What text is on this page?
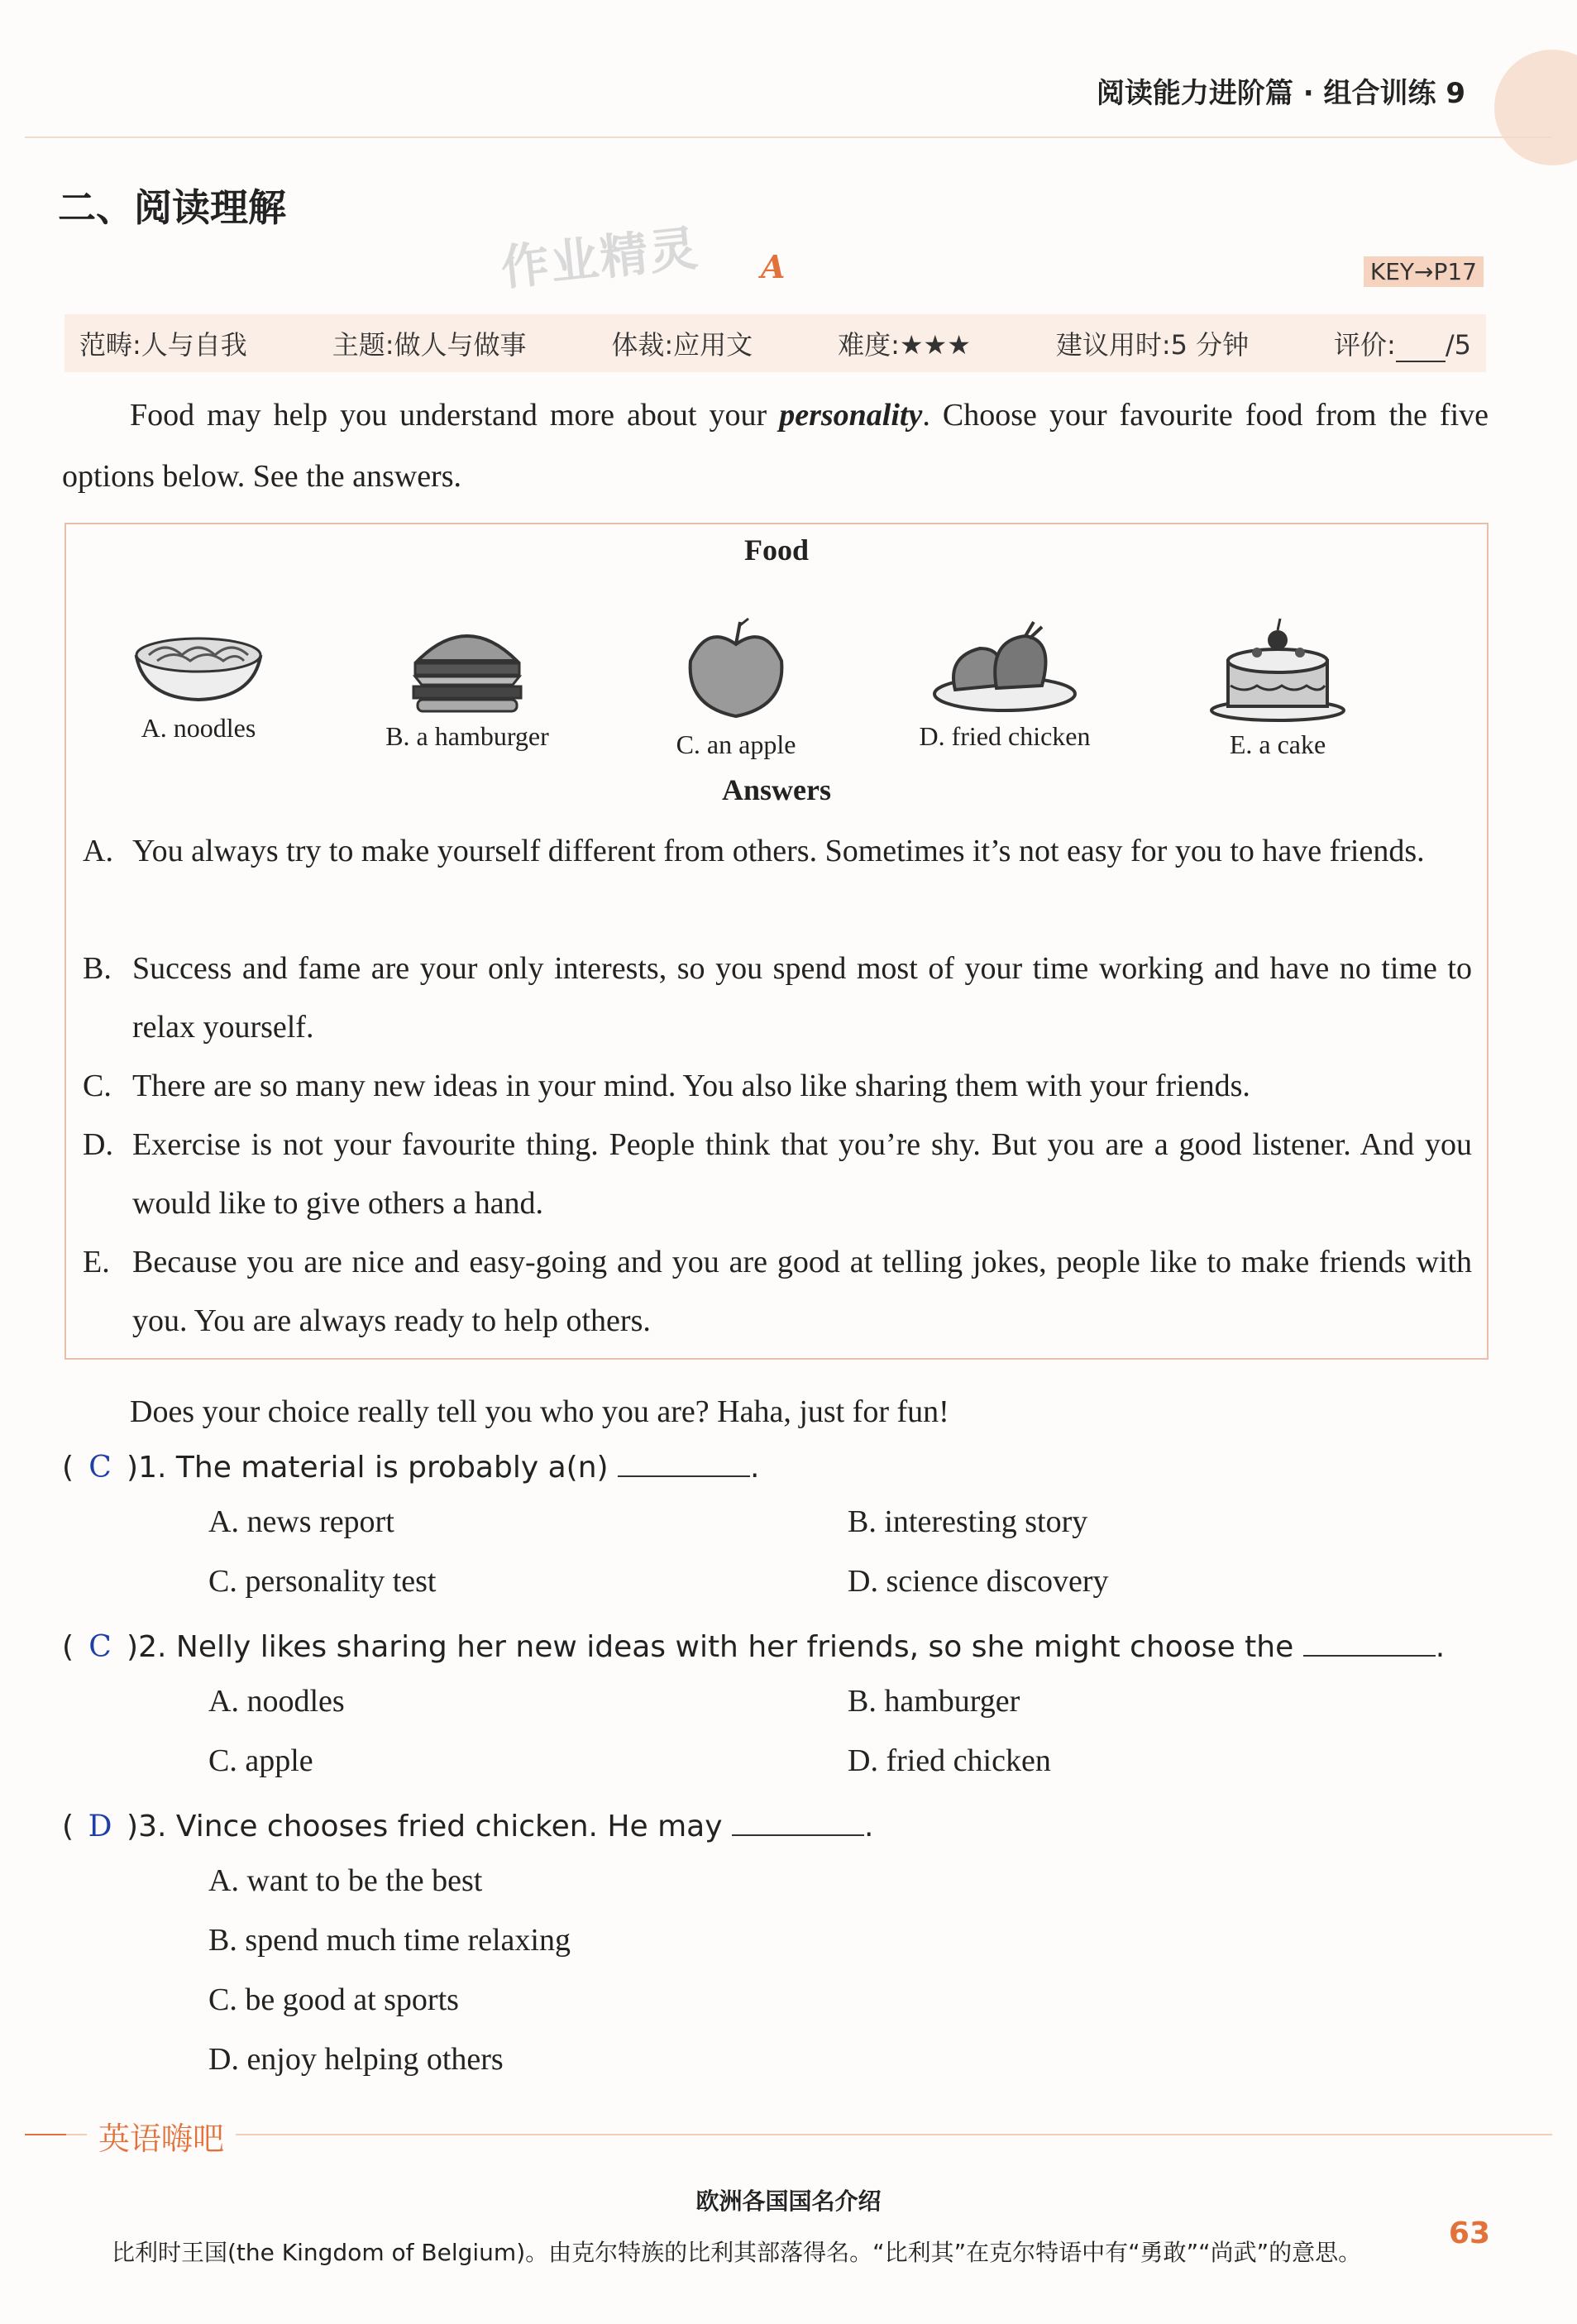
阅读能力进阶篇 · 组合训练 9
二、阅读理解
作业精灵 A	KEY→P17
范畴:人与自我	主题:做人与做事	体裁:应用文	难度:★★★	建议用时:5 分钟	评价: /5
Food may help you understand more about your personality. Choose your favourite food from the five options below. See the answers.
Food
A. noodles	B. a hamburger	C. an apple	D. fried chicken	E. a cake
Answers
A. You always try to make yourself different from others. Sometimes it’s not easy for you to have friends.
B. Success and fame are your only interests, so you spend most of your time working and have no time to relax yourself.
C. There are so many new ideas in your mind. You also like sharing them with your friends.
D. Exercise is not your favourite thing. People think that you’re shy. But you are a good listener. And you would like to give others a hand.
E. Because you are nice and easy-going and you are good at telling jokes, people like to make friends with you. You are always ready to help others.
Does your choice really tell you who you are? Haha, just for fun!
( C )1. The material is probably a(n)	.
A. news report	B. interesting story
C. personality test	D. science discovery
( C )2. Nelly likes sharing her new ideas with her friends, so she might choose the	.
A. noodles	B. hamburger
C. apple	D. fried chicken
( D )3. Vince chooses fried chicken. He may	.
A. want to be the best
B. spend much time relaxing
C. be good at sports
D. enjoy helping others
英语嗨吧
欧洲各国国名介绍
比利时王国(the Kingdom of Belgium)。由克尔特族的比利其部落得名。“比利其”在克尔特语中有“勇敢”“尚武”的意思。
63
